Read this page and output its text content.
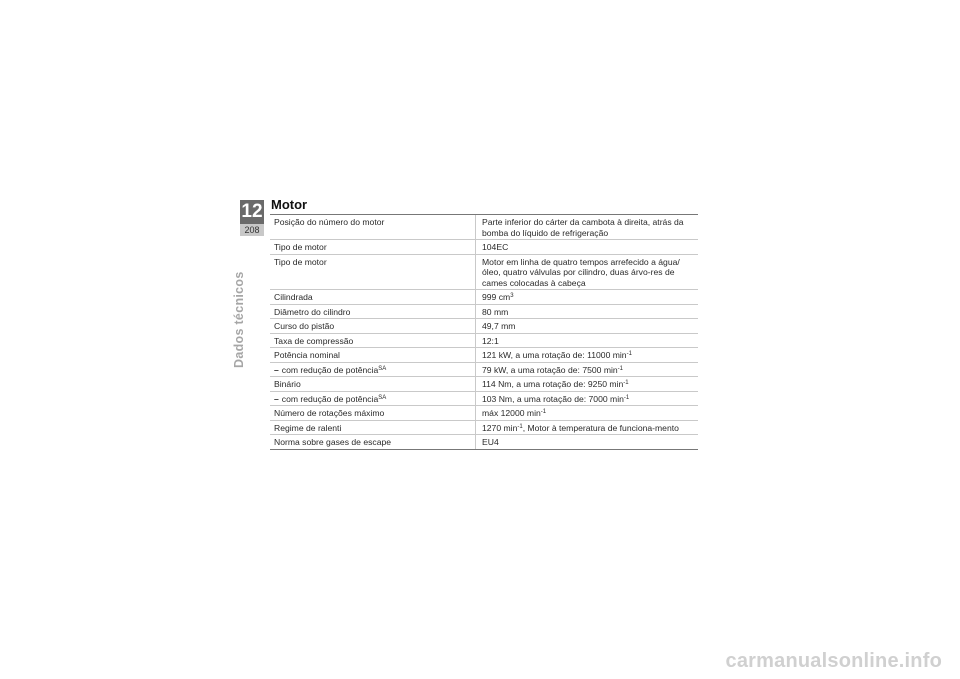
12
208
Dados técnicos
Motor
Posição do número do motor	Parte inferior do cárter da cambota à direita, atrás da bomba do líquido de refrigeração
Tipo de motor	104EC
Tipo de motor	Motor em linha de quatro tempos arrefecido a água/óleo, quatro válvulas por cilindro, duas árvo-res de cames colocadas à cabeça
Cilindrada	999 $cm^3$
Diâmetro do cilindro	80 mm
Curso do pistão	49,7 mm
Taxa de compressão	12:1
Potência nominal	121 kW, a uma rotação de: 11000 $\min^{-1}$
– com redução de potência$^{SA}$	79 kW, a uma rotação de: 7500 $\min^{-1}$
Binário	114 Nm, a uma rotação de: 9250 $\min^{-1}$
– com redução de potência$^{SA}$	103 Nm, a uma rotação de: 7000 $\min^{-1}$
Número de rotações máximo	máx 12000 $\min^{-1}$
Regime de ralenti	1270 $\min^{-1}$, Motor à temperatura de funciona-mento
Norma sobre gases de escape	EU4
carmanualsonline.info
